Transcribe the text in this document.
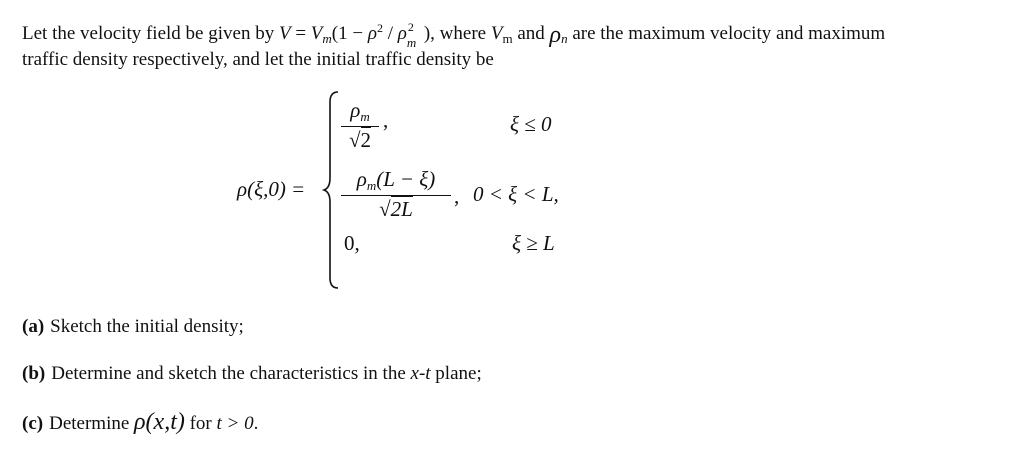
Let the velocity field be given by $V = V_m(1 - \rho^2 / \rho$ 2
m ), where $V_m$ and $\rho_n$ are the maximum velocity and maximum
traffic density respectively, and let the initial traffic density be
ρ(ξ,0) =
$\frac{\rho_m}{√2}$ ,	ξ ≤ 0
$\frac{\rho_m(L - \xi)}{√2L}$ , 0 < ξ < L,
0,	ξ ≥ L
(a) Sketch the initial density;
(b) Determine and sketch the characteristics in the x-t plane;
(c) Determine ρ(x,t) for t > 0.
